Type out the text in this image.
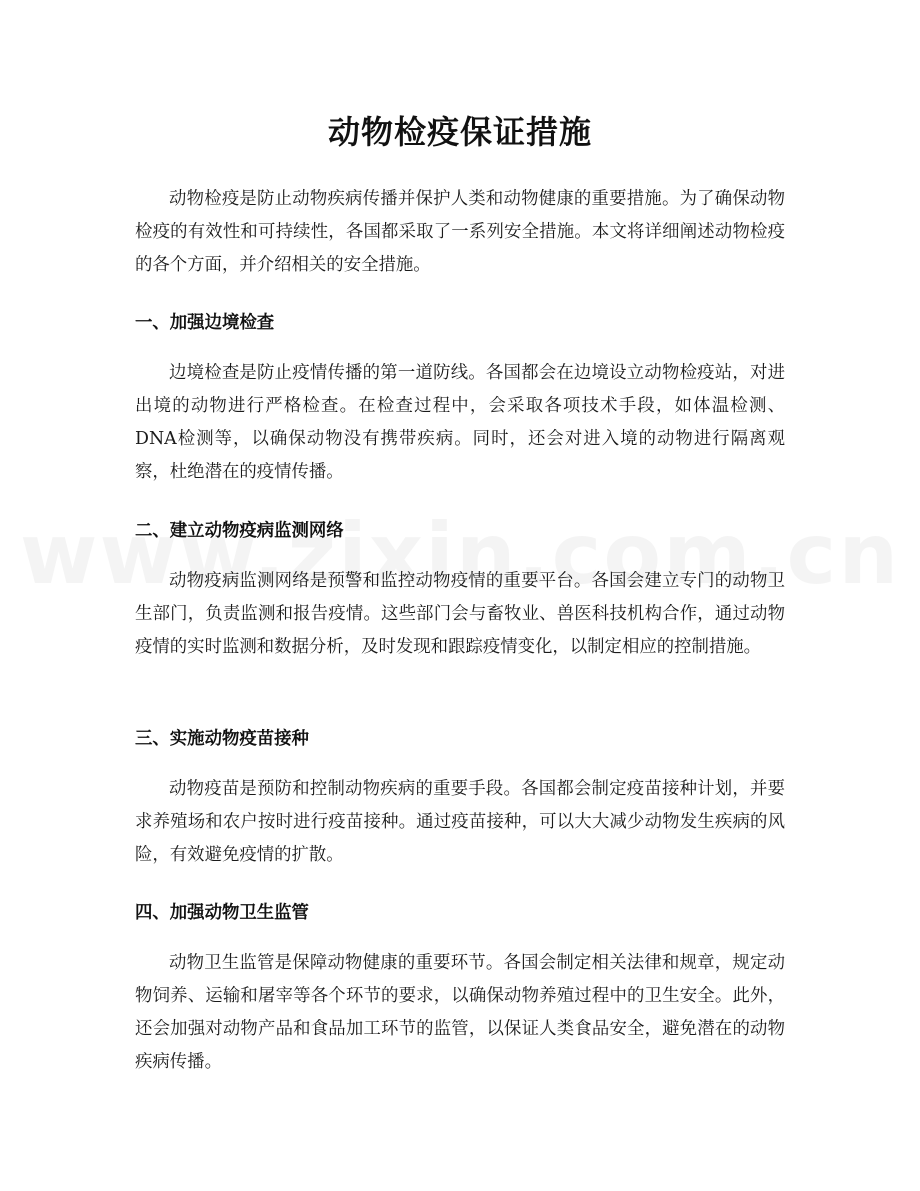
动物检疫保证措施
动物检疫是防止动物疾病传播并保护人类和动物健康的重要措施。为了确保动物检疫的有效性和可持续性，各国都采取了一系列安全措施。本文将详细阐述动物检疫的各个方面，并介绍相关的安全措施。
一、加强边境检查
边境检查是防止疫情传播的第一道防线。各国都会在边境设立动物检疫站，对进出境的动物进行严格检查。在检查过程中，会采取各项技术手段，如体温检测、DNA检测等，以确保动物没有携带疾病。同时，还会对进入境的动物进行隔离观察，杜绝潜在的疫情传播。
二、建立动物疫病监测网络
动物疫病监测网络是预警和监控动物疫情的重要平台。各国会建立专门的动物卫生部门，负责监测和报告疫情。这些部门会与畜牧业、兽医科技机构合作，通过动物疫情的实时监测和数据分析，及时发现和跟踪疫情变化，以制定相应的控制措施。
三、实施动物疫苗接种
动物疫苗是预防和控制动物疾病的重要手段。各国都会制定疫苗接种计划，并要求养殖场和农户按时进行疫苗接种。通过疫苗接种，可以大大减少动物发生疾病的风险，有效避免疫情的扩散。
四、加强动物卫生监管
动物卫生监管是保障动物健康的重要环节。各国会制定相关法律和规章，规定动物饲养、运输和屠宰等各个环节的要求，以确保动物养殖过程中的卫生安全。此外，还会加强对动物产品和食品加工环节的监管，以保证人类食品安全，避免潜在的动物疾病传播。
